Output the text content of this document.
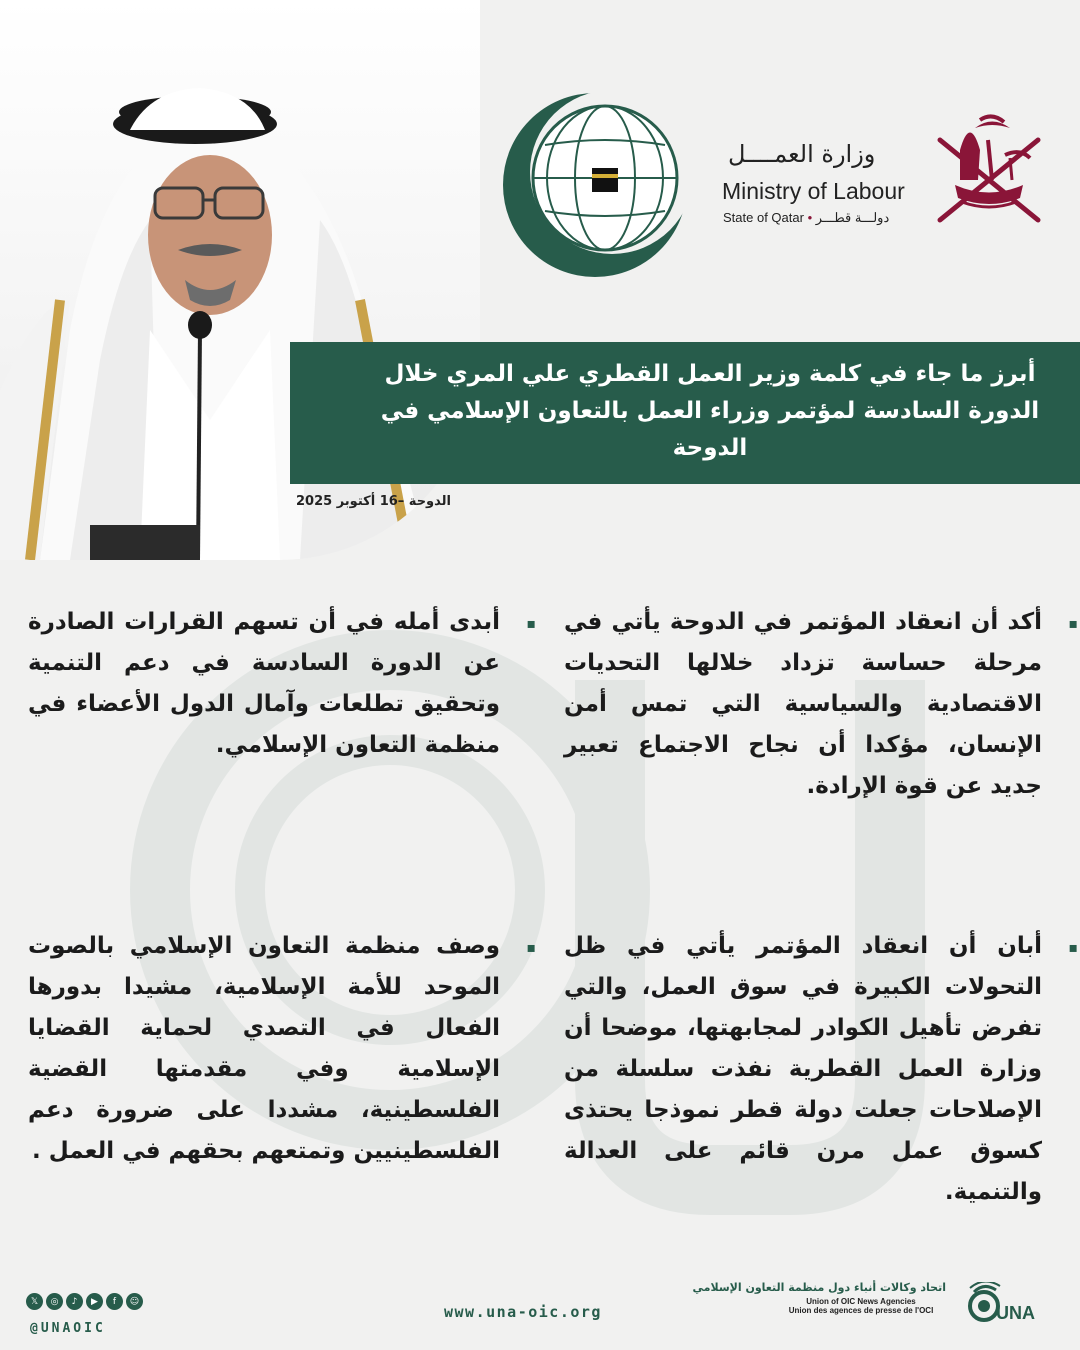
وزارة العمــــل
Ministry of Labour
State of Qatar • دولـــة قطـــر
أبرز ما جاء في كلمة وزير العمل القطري علي المري خلال الدورة السادسة لمؤتمر وزراء العمل بالتعاون الإسلامي في الدوحة
الدوحة –16 أكتوبر 2025
▪ أكد أن انعقاد المؤتمر في الدوحة يأتي في مرحلة حساسة تزداد خلالها التحديات الاقتصادية والسياسية التي تمس أمن الإنسان، مؤكدا أن نجاح الاجتماع تعبير جديد عن قوة الإرادة.
▪ أبدى أمله في أن تسهم القرارات الصادرة عن الدورة السادسة في دعم التنمية وتحقيق تطلعات وآمال الدول الأعضاء في منظمة التعاون الإسلامي.
▪ أبان أن انعقاد المؤتمر يأتي في ظل التحولات الكبيرة في سوق العمل، والتي تفرض تأهيل الكوادر لمجابهتها، موضحا أن وزارة العمل القطرية نفذت سلسلة من الإصلاحات جعلت دولة قطر نموذجا يحتذى كسوق عمل مرن قائم على العدالة والتنمية.
▪ وصف منظمة التعاون الإسلامي بالصوت الموحد للأمة الإسلامية، مشيدا بدورها الفعال في التصدي لحماية القضايا الإسلامية وفي مقدمتها القضية الفلسطينية، مشددا على ضرورة دعم الفلسطينيين وتمتعهم بحقهم في العمل .
𝕏	◎	♪	▶	f	☺
@UNAOIC
www.una-oic.org
اتحاد وكالات أنباء دول منظمة التعاون الإسلامي
Union of OIC News Agencies
Union des agences de presse de l'OCI	UNA
